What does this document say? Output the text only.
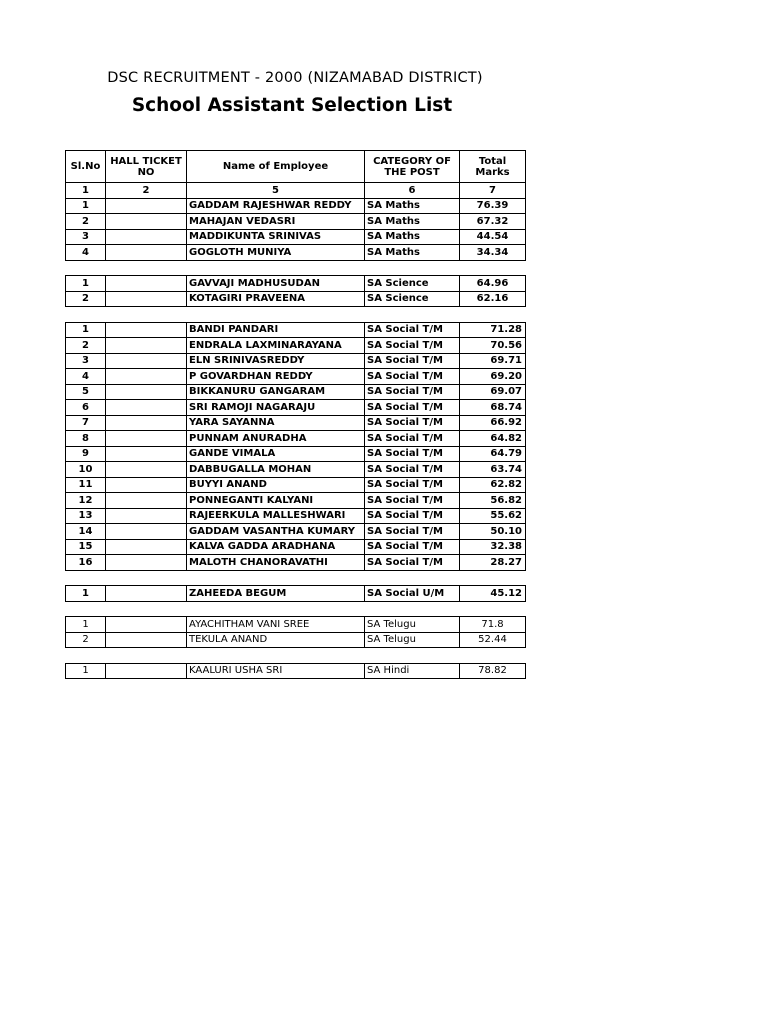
DSC RECRUITMENT - 2000 (NIZAMABAD DISTRICT)
School Assistant Selection List
Sl.No	HALL TICKET NO	Name of Employee	CATEGORY OF THE POST	Total Marks
1	2	5	6	7
1		GADDAM RAJESHWAR REDDY	SA Maths	76.39
2		MAHAJAN VEDASRI	SA Maths	67.32
3		MADDIKUNTA SRINIVAS	SA Maths	44.54
4		GOGLOTH MUNIYA	SA Maths	34.34

1		GAVVAJI MADHUSUDAN	SA Science	64.96
2		KOTAGIRI PRAVEENA	SA Science	62.16

1		BANDI PANDARI	SA Social T/M	71.28
2		ENDRALA LAXMINARAYANA	SA Social T/M	70.56
3		ELN SRINIVASREDDY	SA Social T/M	69.71
4		P GOVARDHAN REDDY	SA Social T/M	69.20
5		BIKKANURU GANGARAM	SA Social T/M	69.07
6		SRI RAMOJI NAGARAJU	SA Social T/M	68.74
7		YARA SAYANNA	SA Social T/M	66.92
8		PUNNAM ANURADHA	SA Social T/M	64.82
9		GANDE VIMALA	SA Social T/M	64.79
10		DABBUGALLA MOHAN	SA Social T/M	63.74
11		BUYYI ANAND	SA Social T/M	62.82
12		PONNEGANTI KALYANI	SA Social T/M	56.82
13		RAJEERKULA MALLESHWARI	SA Social T/M	55.62
14		GADDAM VASANTHA KUMARY	SA Social T/M	50.10
15		KALVA GADDA ARADHANA	SA Social T/M	32.38
16		MALOTH CHANORAVATHI	SA Social T/M	28.27

1		ZAHEEDA BEGUM	SA Social U/M	45.12

1		AYACHITHAM VANI SREE	SA Telugu	71.8
2		TEKULA ANAND	SA Telugu	52.44

1		KAALURI USHA SRI	SA Hindi	78.82
